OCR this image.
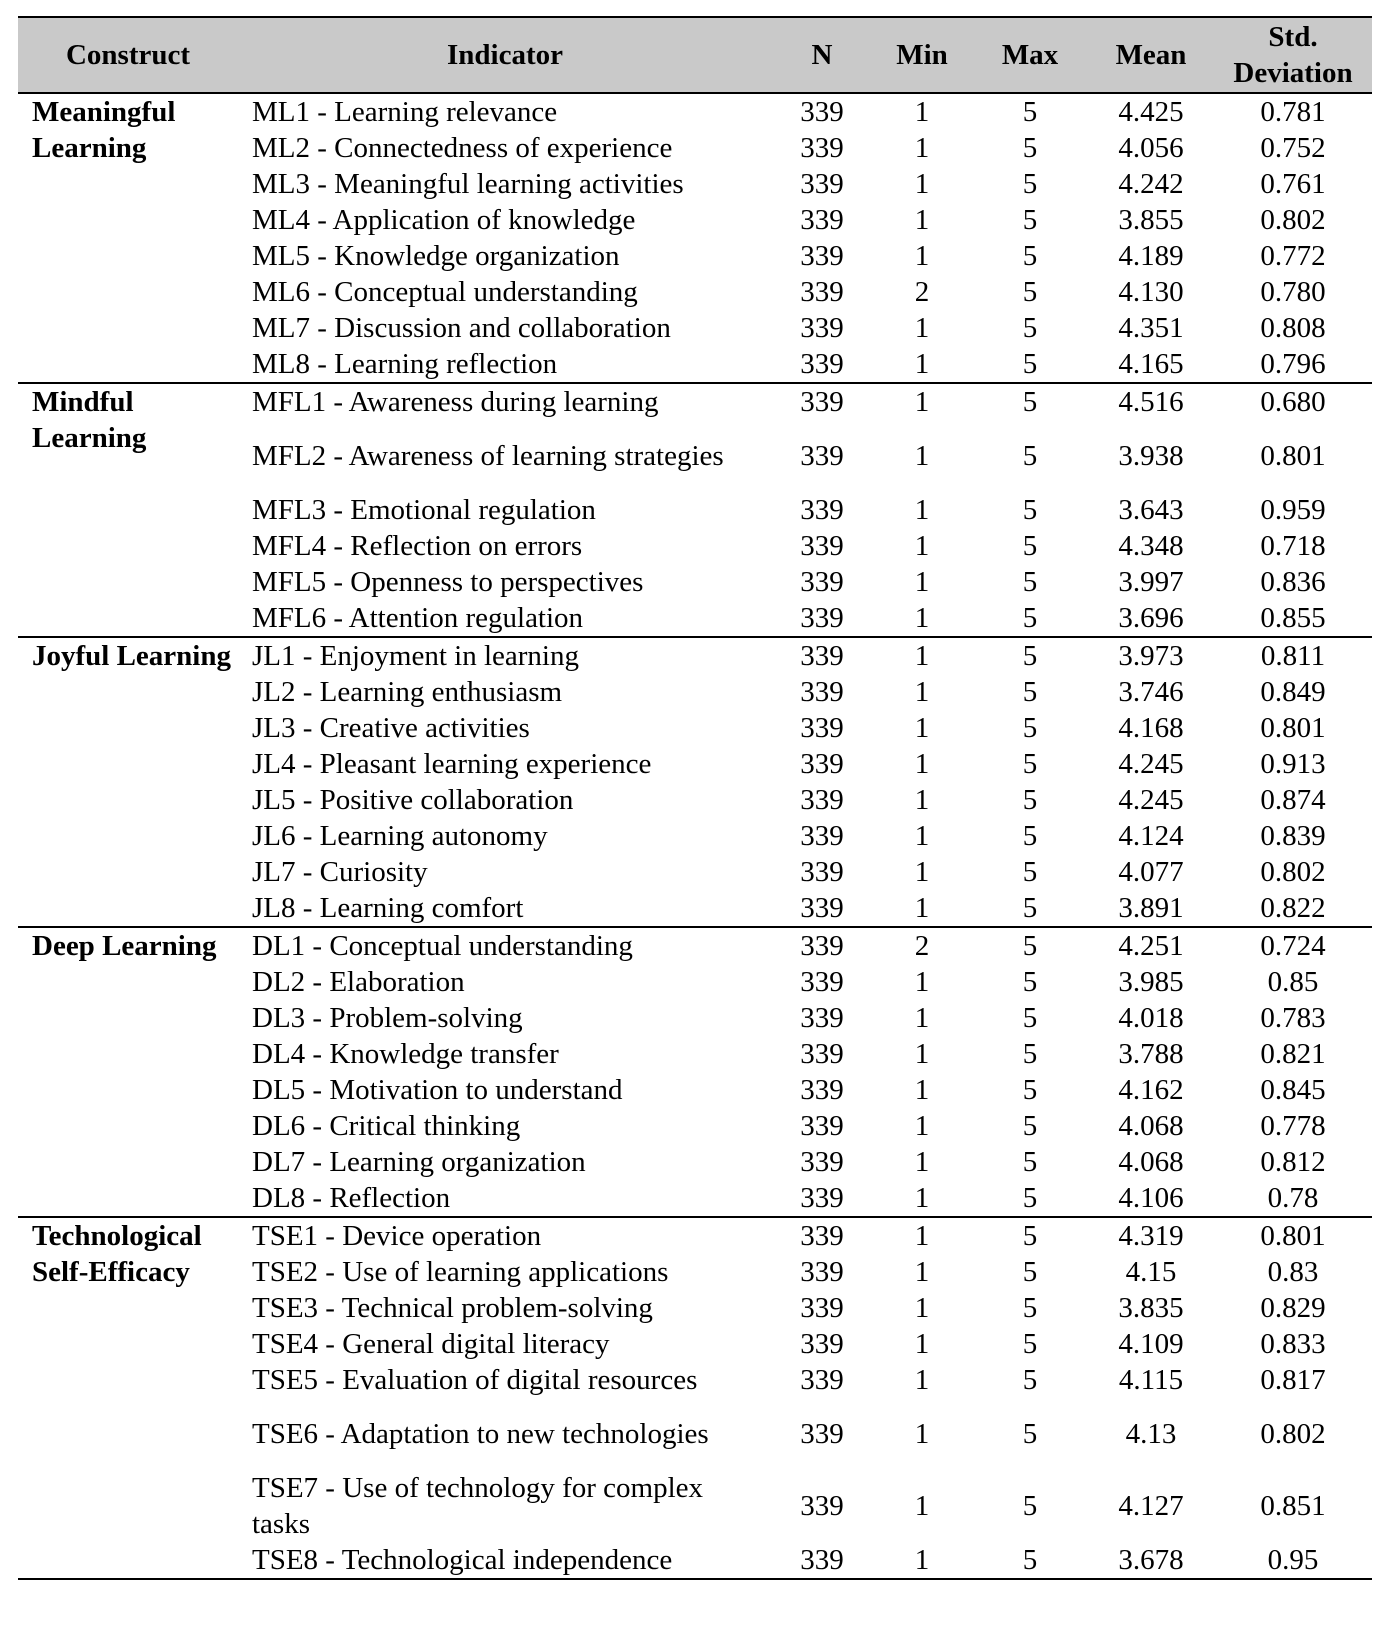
Construct	Indicator	N	Min	Max	Mean	Std. Deviation
Meaningful Learning	ML1 - Learning relevance	339	1	5	4.425	0.781
	ML2 - Connectedness of experience	339	1	5	4.056	0.752
	ML3 - Meaningful learning activities	339	1	5	4.242	0.761
	ML4 - Application of knowledge	339	1	5	3.855	0.802
	ML5 - Knowledge organization	339	1	5	4.189	0.772
	ML6 - Conceptual understanding	339	2	5	4.130	0.780
	ML7 - Discussion and collaboration	339	1	5	4.351	0.808
	ML8 - Learning reflection	339	1	5	4.165	0.796
Mindful Learning	MFL1 - Awareness during learning	339	1	5	4.516	0.680
	MFL2 - Awareness of learning strategies	339	1	5	3.938	0.801
	MFL3 - Emotional regulation	339	1	5	3.643	0.959
	MFL4 - Reflection on errors	339	1	5	4.348	0.718
	MFL5 - Openness to perspectives	339	1	5	3.997	0.836
	MFL6 - Attention regulation	339	1	5	3.696	0.855
Joyful Learning	JL1 - Enjoyment in learning	339	1	5	3.973	0.811
	JL2 - Learning enthusiasm	339	1	5	3.746	0.849
	JL3 - Creative activities	339	1	5	4.168	0.801
	JL4 - Pleasant learning experience	339	1	5	4.245	0.913
	JL5 - Positive collaboration	339	1	5	4.245	0.874
	JL6 - Learning autonomy	339	1	5	4.124	0.839
	JL7 - Curiosity	339	1	5	4.077	0.802
	JL8 - Learning comfort	339	1	5	3.891	0.822
Deep Learning	DL1 - Conceptual understanding	339	2	5	4.251	0.724
	DL2 - Elaboration	339	1	5	3.985	0.85
	DL3 - Problem-solving	339	1	5	4.018	0.783
	DL4 - Knowledge transfer	339	1	5	3.788	0.821
	DL5 - Motivation to understand	339	1	5	4.162	0.845
	DL6 - Critical thinking	339	1	5	4.068	0.778
	DL7 - Learning organization	339	1	5	4.068	0.812
	DL8 - Reflection	339	1	5	4.106	0.78
Technological Self-Efficacy	TSE1 - Device operation	339	1	5	4.319	0.801
	TSE2 - Use of learning applications	339	1	5	4.15	0.83
	TSE3 - Technical problem-solving	339	1	5	3.835	0.829
	TSE4 - General digital literacy	339	1	5	4.109	0.833
	TSE5 - Evaluation of digital resources	339	1	5	4.115	0.817
	TSE6 - Adaptation to new technologies	339	1	5	4.13	0.802
	TSE7 - Use of technology for complex tasks	339	1	5	4.127	0.851
	TSE8 - Technological independence	339	1	5	3.678	0.95
